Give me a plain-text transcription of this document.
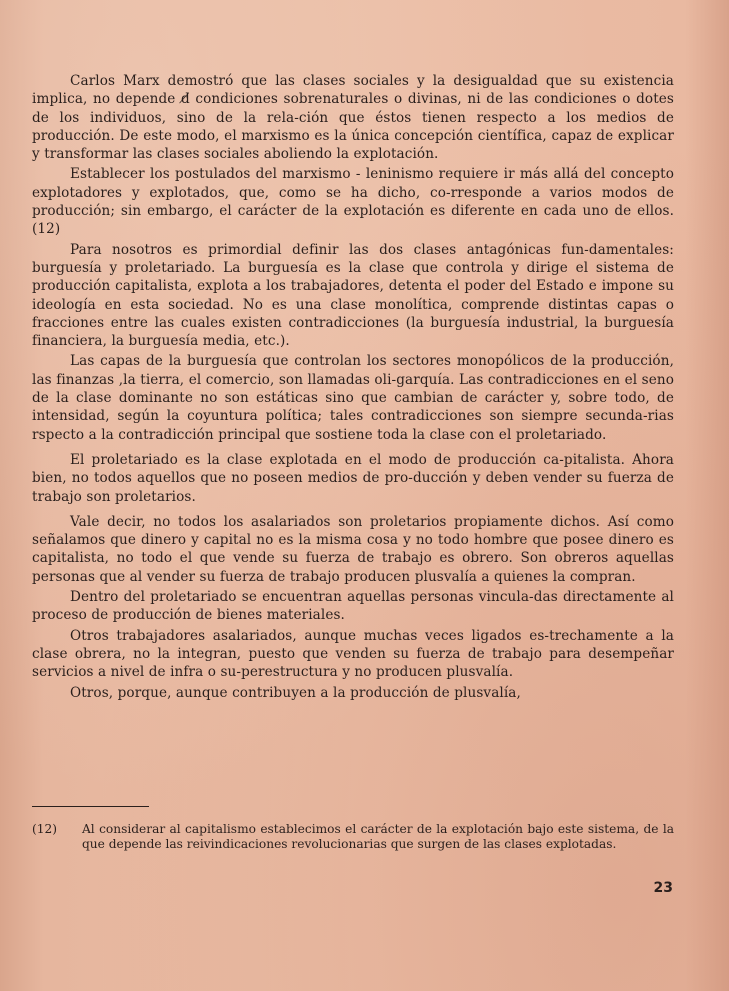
Carlos Marx demostró que las clases sociales y la desigualdad que su existencia implica, no depende d̸ condiciones sobrenaturales o divinas, ni de las condiciones o dotes de los individuos, sino de la rela-ción que éstos tienen respecto a los medios de producción. De este modo, el marxismo es la única concepción científica, capaz de explicar y transformar las clases sociales aboliendo la explotación.

Establecer los postulados del marxismo - leninismo requiere ir más allá del concepto explotadores y explotados, que, como se ha dicho, co-rresponde a varios modos de producción; sin embargo, el carácter de la explotación es diferente en cada uno de ellos. (12)

Para nosotros es primordial definir las dos clases antagónicas fun-damentales: burguesía y proletariado. La burguesía es la clase que controla y dirige el sistema de producción capitalista, explota a los trabajadores, detenta el poder del Estado e impone su ideología en esta sociedad. No es una clase monolítica, comprende distintas capas o fracciones entre las cuales existen contradicciones (la burguesía industrial, la burguesía financiera, la burguesía media, etc.).

Las capas de la burguesía que controlan los sectores monopólicos de la producción, las finanzas ,la tierra, el comercio, son llamadas oli-garquía. Las contradicciones en el seno de la clase dominante no son estáticas sino que cambian de carácter y, sobre todo, de intensidad, según la coyuntura política; tales contradicciones son siempre secunda-rias rspecto a la contradicción principal que sostiene toda la clase con el proletariado.

El proletariado es la clase explotada en el modo de producción ca-pitalista. Ahora bien, no todos aquellos que no poseen medios de pro-ducción y deben vender su fuerza de trabajo son proletarios.

Vale decir, no todos los asalariados son proletarios propiamente dichos. Así como señalamos que dinero y capital no es la misma cosa y no todo hombre que posee dinero es capitalista, no todo el que vende su fuerza de trabajo es obrero. Son obreros aquellas personas que al vender su fuerza de trabajo producen plusvalía a quienes la compran.

Dentro del proletariado se encuentran aquellas personas vincula-das directamente al proceso de producción de bienes materiales.

Otros trabajadores asalariados, aunque muchas veces ligados es-trechamente a la clase obrera, no la integran, puesto que venden su fuerza de trabajo para desempeñar servicios a nivel de infra o su-perestructura y no producen plusvalía.

Otros, porque, aunque contribuyen a la producción de plusvalía,

(12)	Al considerar al capitalismo establecimos el carácter de la explotación bajo este sistema, de la que depende las reivindicaciones revolucionarias que surgen de las clases explotadas.
23
